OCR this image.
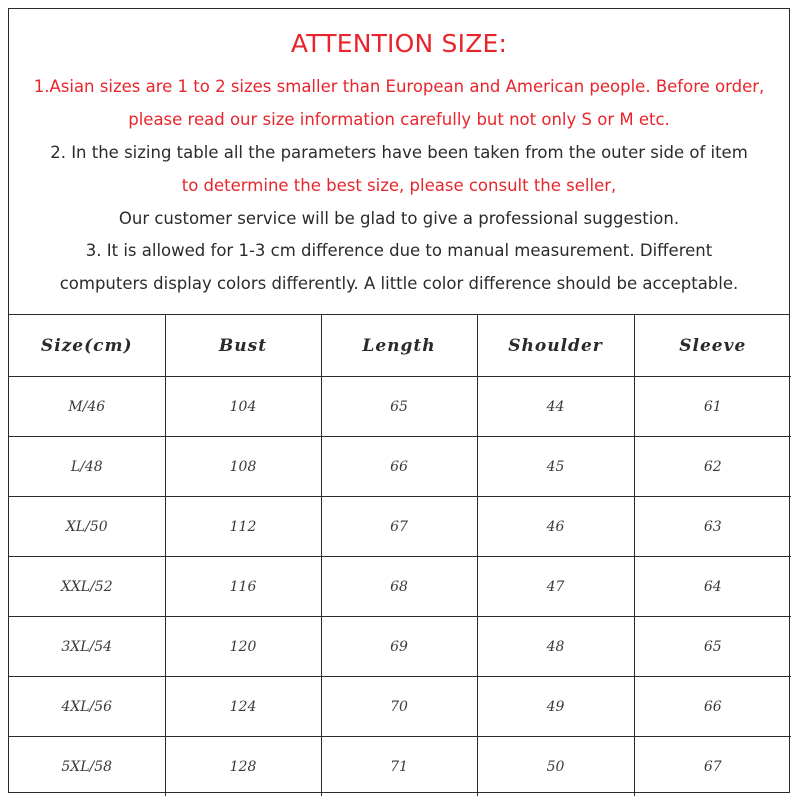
ATTENTION SIZE:
1.Asian sizes are 1 to 2 sizes smaller than European and American people. Before order,
please read our size information carefully but not only S or M etc.
2. In the sizing table all the parameters have been taken from the outer side of item
to determine the best size, please consult the seller,
Our customer service will be glad to give a professional suggestion.
3. It is allowed for 1-3 cm difference due to manual measurement. Different
computers display colors differently. A little color difference should be acceptable.
Size(cm)	Bust	Length	Shoulder	Sleeve
M/46	104	65	44	61
L/48	108	66	45	62
XL/50	112	67	46	63
XXL/52	116	68	47	64
3XL/54	120	69	48	65
4XL/56	124	70	49	66
5XL/58	128	71	50	67
